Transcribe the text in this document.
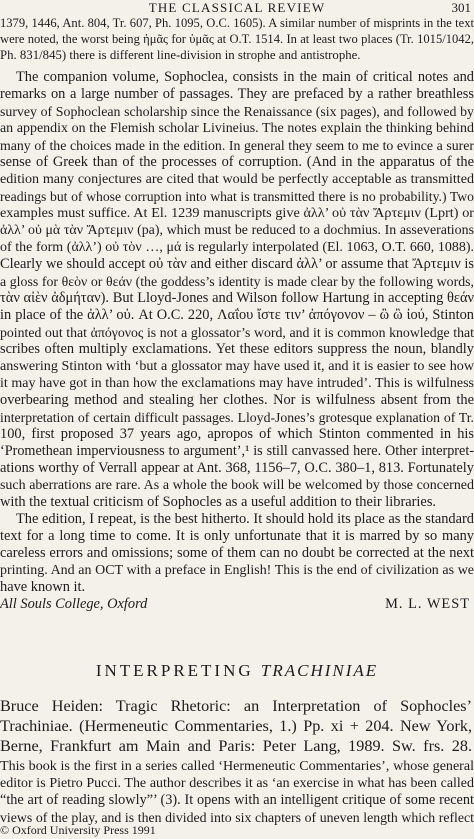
THE CLASSICAL REVIEW	301
1379, 1446, Ant. 804, Tr. 607, Ph. 1095, O.C. 1605). A similar number of misprints in the text
were noted, the worst being ἡμᾶς for ὑμᾶς at O.T. 1514. In at least two places (Tr. 1015/1042,
Ph. 831/845) there is different line-division in strophe and antistrophe.
The companion volume, Sophoclea, consists in the main of critical notes and
remarks on a large number of passages. They are prefaced by a rather breathless
survey of Sophoclean scholarship since the Renaissance (six pages), and followed by
an appendix on the Flemish scholar Livineius. The notes explain the thinking behind
many of the choices made in the edition. In general they seem to me to evince a surer
sense of Greek than of the processes of corruption. (And in the apparatus of the
edition many conjectures are cited that would be perfectly acceptable as transmitted
readings but of whose corruption into what is transmitted there is no probability.) Two
examples must suffice. At El. 1239 manuscripts give ἀλλ’ οὐ τὰν Ἄρτεμιν (Lprt) or
ἀλλ’ οὐ μὰ τὰν Ἄρτεμιν (pa), which must be reduced to a dochmius. In asseverations
of the form (ἀλλ’) οὐ τὸν …, μά is regularly interpolated (El. 1063, O.T. 660, 1088).
Clearly we should accept οὐ τὰν and either discard ἀλλ’ or assume that Ἄρτεμιν is
a gloss for θεὸν or θεάν (the goddess’s identity is made clear by the following words,
τὰν αἰὲν ἀδμήταν). But Lloyd-Jones and Wilson follow Hartung in accepting θεάν
in place of the ἀλλ’ οὐ. At O.C. 220, Λαΐου ἴστε τιν’ ἀπόγονον – ὢ ὢ ἰού, Stinton
pointed out that ἀπόγονος is not a glossator’s word, and it is common knowledge that
scribes often multiply exclamations. Yet these editors suppress the noun, blandly
answering Stinton with ‘but a glossator may have used it, and it is easier to see how
it may have got in than how the exclamations may have intruded’. This is wilfulness
overbearing method and stealing her clothes. Nor is wilfulness absent from the
interpretation of certain difficult passages. Lloyd-Jones’s grotesque explanation of Tr.
100, first proposed 37 years ago, apropos of which Stinton commented in his
‘Promethean imperviousness to argument’,¹ is still canvassed here. Other interpret-
ations worthy of Verrall appear at Ant. 368, 1156–7, O.C. 380–1, 813. Fortunately
such aberrations are rare. As a whole the book will be welcomed by those concerned
with the textual criticism of Sophocles as a useful addition to their libraries.
The edition, I repeat, is the best hitherto. It should hold its place as the standard
text for a long time to come. It is only unfortunate that it is marred by so many
careless errors and omissions; some of them can no doubt be corrected at the next
printing. And an OCT with a preface in English! This is the end of civilization as we
have known it.
All Souls College, Oxford	M. L. WEST
INTERPRETING TRACHINIAE
Bruce Heiden: Tragic Rhetoric: an Interpretation of Sophocles’
Trachiniae. (Hermeneutic Commentaries, 1.) Pp. xi + 204. New York,
Berne, Frankfurt am Main and Paris: Peter Lang, 1989. Sw. frs. 28.
This book is the first in a series called ‘Hermeneutic Commentaries’, whose general
editor is Pietro Pucci. The author describes it as ‘an exercise in what has been called
“the art of reading slowly”’ (3). It opens with an intelligent critique of some recent
views of the play, and is then divided into six chapters of uneven length which reflect
© Oxford University Press 1991
